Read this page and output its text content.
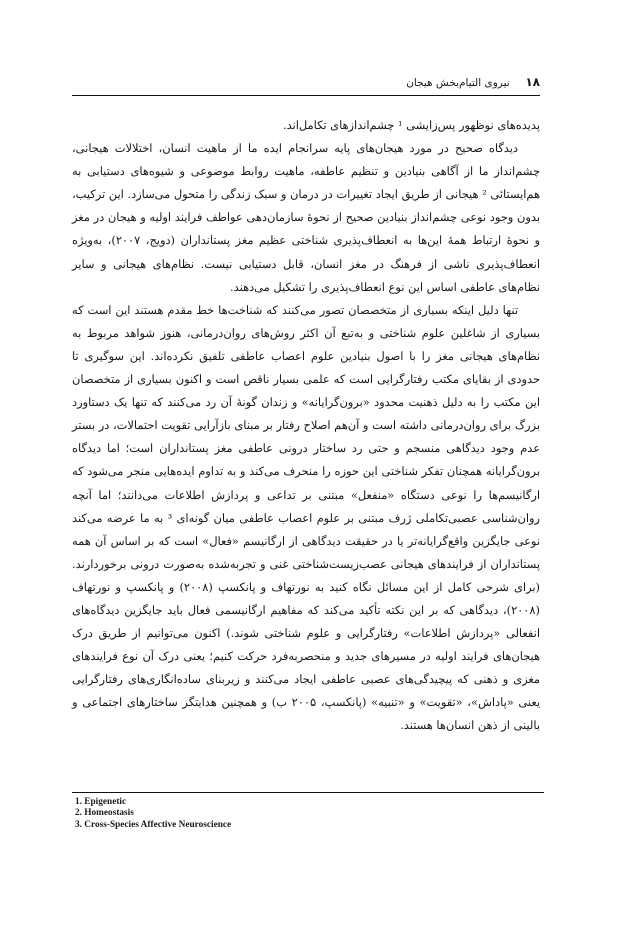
۱۸ نیروی التیام‌بخش هیجان

پدیده‌های نوظهور پس‌زایشی ¹ چشم‌اندازهای تکامل‌اند.

دیدگاه صحیح در مورد هیجان‌های پایه سرانجام ایده ما از ماهیت انسان، اختلالات هیجانی، چشم‌انداز ما از آگاهی بنیادین و تنظیم عاطفه، ماهیت روابط موضوعی و شیوه‌های دستیابی به هم‌ایستائی ² هیجانی از طریق ایجاد تغییرات در درمان و سبک زندگی را متحول می‌سازد. این ترکیب، بدون وجود نوعی چشم‌انداز بنیادین صحیح از نحوهٔ سازمان‌دهی عواطف فرایند اولیه و هیجان در مغز و نحوهٔ ارتباط همهٔ این‌ها به انعطاف‌پذیری شناختی عظیم مغز پستانداران (دویج، ۲۰۰۷)، به‌ویژه انعطاف‌پذیری ناشی از فرهنگ در مغز انسان، قابل دستیابی نیست. نظام‌های هیجانی و سایر نظام‌های عاطفی اساس این نوع انعطاف‌پذیری را تشکیل می‌دهند.

تنها دلیل اینکه بسیاری از متخصصان تصور می‌کنند که شناخت‌ها خط مقدم هستند این است که بسیاری از شاغلین علوم شناختی و به‌تبع آن اکثر روش‌های روان‌درمانی، هنوز شواهد مربوط به نظام‌های هیجانی مغز را با اصول بنیادین علوم اعصاب عاطفی تلفیق نکرده‌اند. این سوگیری تا حدودی از بقایای مکتب رفتارگرایی است که علمی بسیار ناقص است و اکنون بسیاری از متخصصان این مکتب را به دلیل ذهنیت محدود «برون‌گرایانه» و زندان گونهٔ آن رد می‌کنند که تنها یک دستاورد بزرگ برای روان‌درمانی داشته است و آن‌هم اصلاح رفتار بر مبنای بازآرایی تقویت احتمالات، در بستر عدم وجود دیدگاهی منسجم و حتی رد ساختار درونی عاطفی مغز پستانداران است؛ اما دیدگاه برون‌گرایانه همچنان تفکر شناختی این حوزه را منحرف می‌کند و به تداوم ایده‌هایی منجر می‌شود که ارگانیسم‌ها را نوعی دستگاه «منفعل» مبتنی بر تداعی و پردازش اطلاعات می‌دانند؛ اما آنچه روان‌شناسی عصبی‌تکاملی ژرف مبتنی بر علوم اعصاب عاطفی میان گونه‌ای ³ به ما عرضه می‌کند نوعی جایگزین واقع‌گرایانه‌تر یا در حقیقت دیدگاهی از ارگانیسم «فعال» است که بر اساس آن همه پستانداران از فرایندهای هیجانی عصب‌زیست‌شناختی غنی و تجربه‌شده به‌صورت درونی برخوردارند. (برای شرحی کامل از این مسائل نگاه کنید به نورتهاف و پانکسپ (۲۰۰۸) و پانکسپ و نورتهاف (۲۰۰۸)، دیدگاهی که بر این نکته تأکید می‌کند که مفاهیم ارگانیسمی فعال باید جایگزین دیدگاه‌های انفعالی «پردازش اطلاعات» رفتارگرایی و علوم شناختی شوند.) اکنون می‌توانیم از طریق درک هیجان‌های فرایند اولیه در مسیرهای جدید و منحصربه‌فرد حرکت کنیم؛ یعنی درک آن نوع فرایندهای مغزی و ذهنی که پیچیدگی‌های عصبی عاطفی ایجاد می‌کنند و زیربنای ساده‌انگاری‌های رفتارگرایی یعنی «پاداش»، «تقویت» و «تنبیه» (پانکسپ، ۲۰۰۵ ب) و همچنین هدایتگر ساختارهای اجتماعی و بالینی از ذهن انسان‌ها هستند.

1. Epigenetic
2. Homeostasis
3. Cross-Species Affective Neuroscience
